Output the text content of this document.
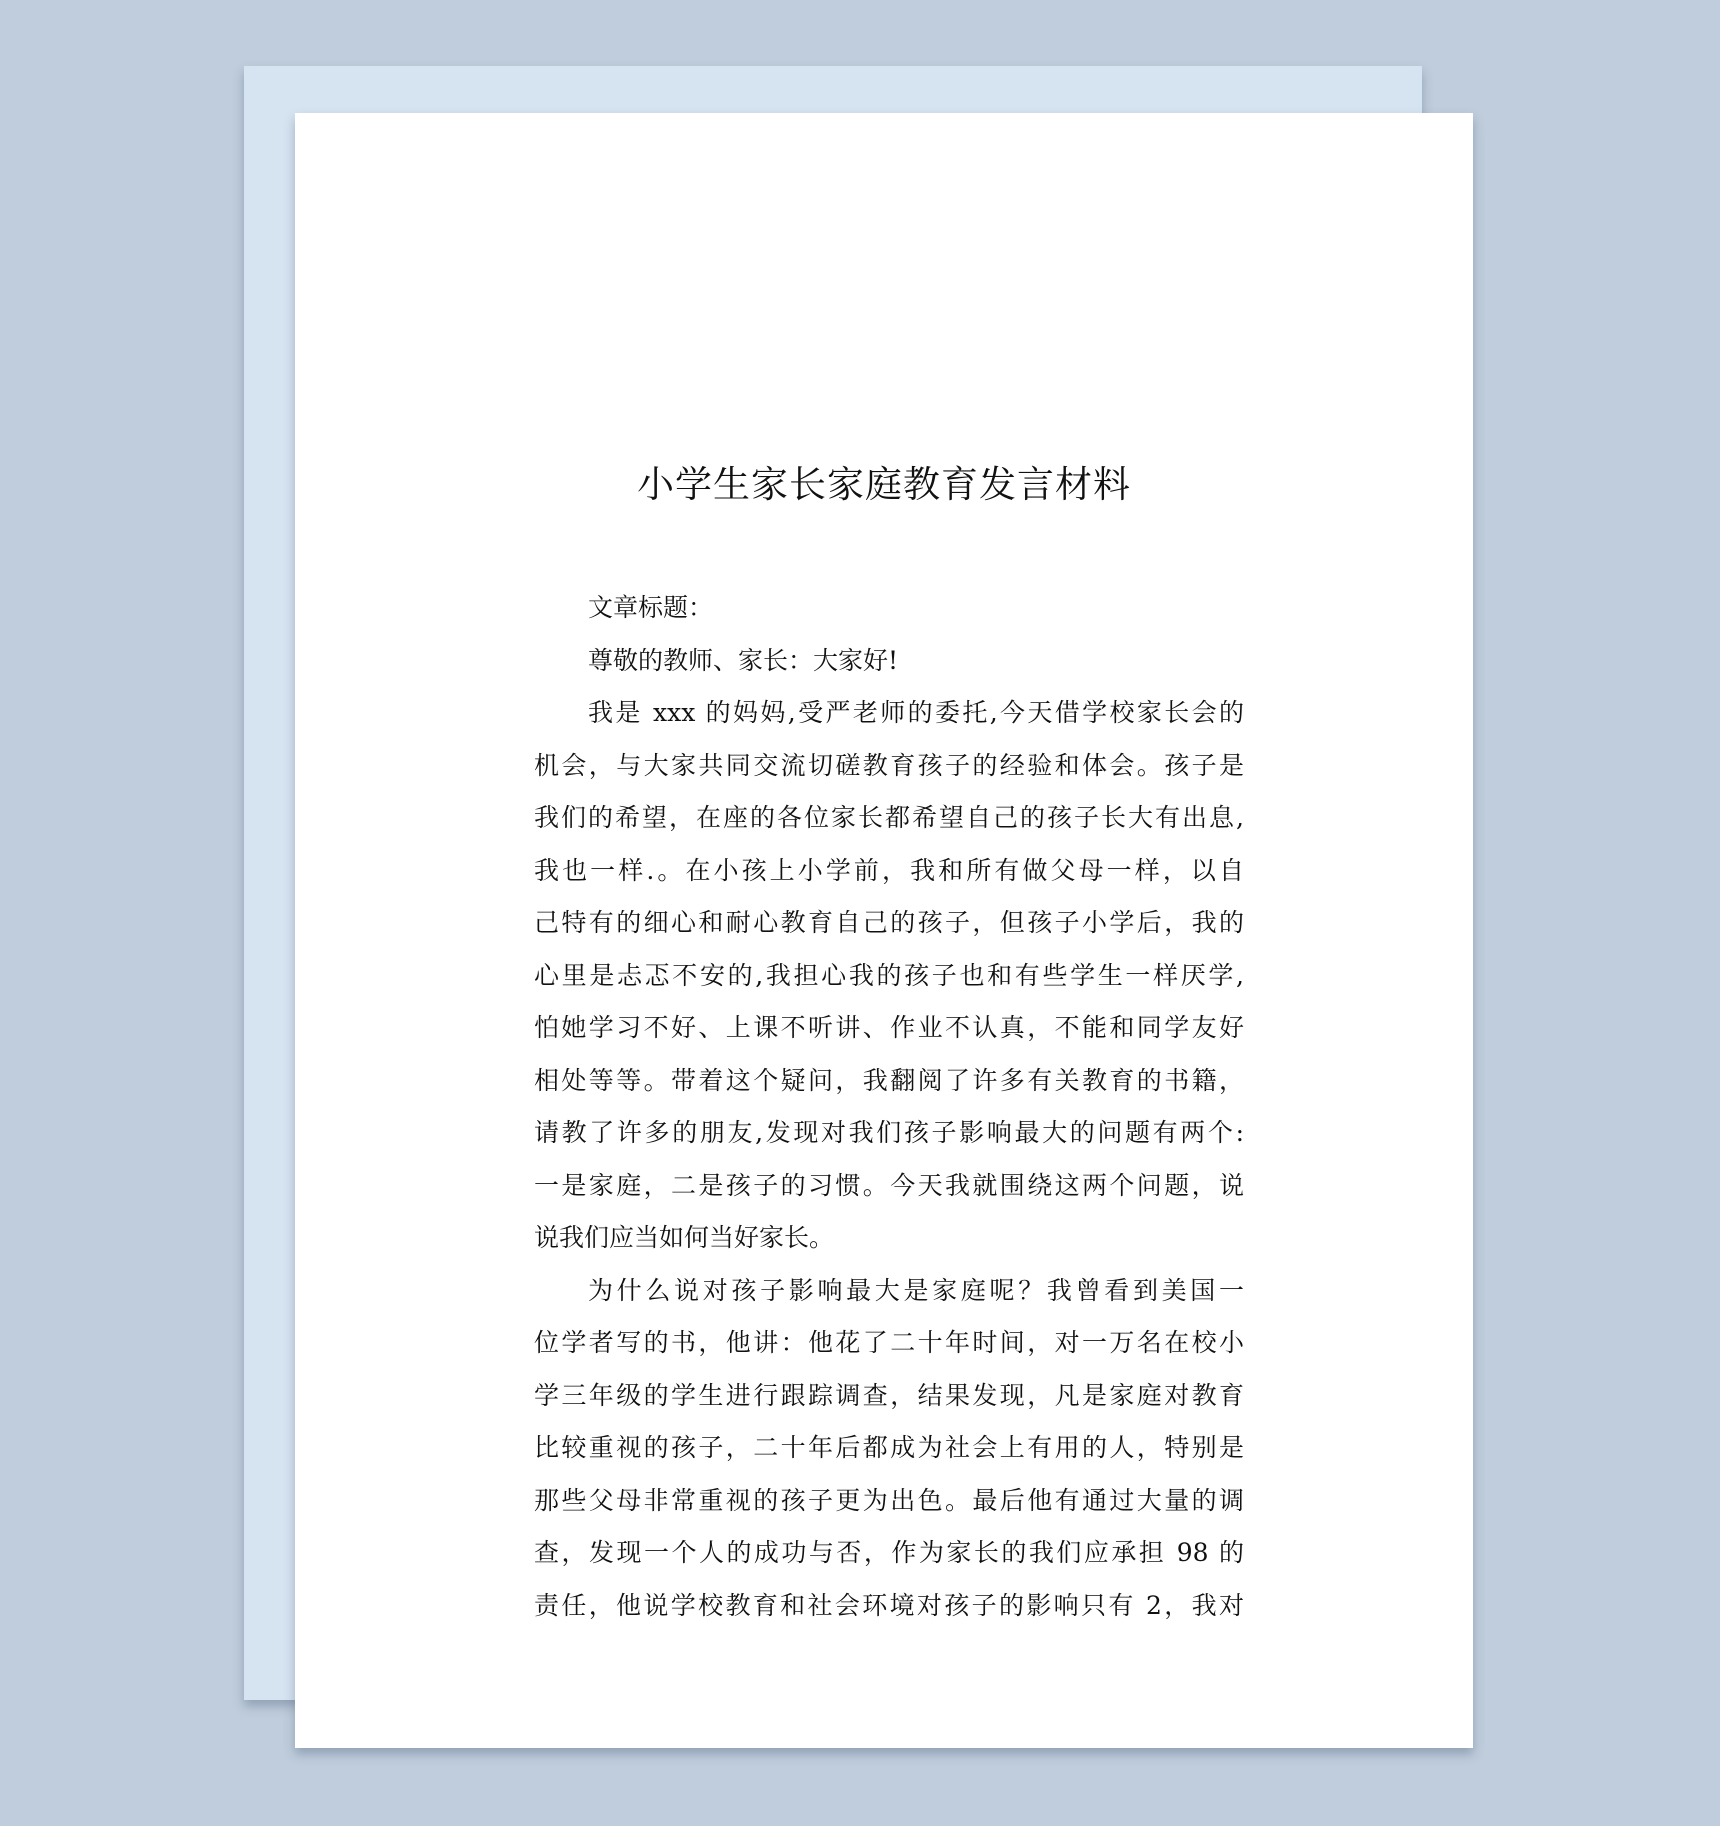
小学生家长家庭教育发言材料
文章标题：
尊敬的教师、家长：大家好!
我是 xxx 的妈妈,受严老师的委托,今天借学校家长会的
机会，与大家共同交流切磋教育孩子的经验和体会。孩子是
我们的希望，在座的各位家长都希望自己的孩子长大有出息,
我也一样.。在小孩上小学前，我和所有做父母一样，以自
己特有的细心和耐心教育自己的孩子，但孩子小学后，我的
心里是忐忑不安的,我担心我的孩子也和有些学生一样厌学,
怕她学习不好、上课不听讲、作业不认真，不能和同学友好
相处等等。带着这个疑问，我翻阅了许多有关教育的书籍，
请教了许多的朋友,发现对我们孩子影响最大的问题有两个:
一是家庭，二是孩子的习惯。今天我就围绕这两个问题，说
说我们应当如何当好家长。
为什么说对孩子影响最大是家庭呢？我曾看到美国一
位学者写的书，他讲：他花了二十年时间，对一万名在校小
学三年级的学生进行跟踪调查，结果发现，凡是家庭对教育
比较重视的孩子，二十年后都成为社会上有用的人，特别是
那些父母非常重视的孩子更为出色。最后他有通过大量的调
查，发现一个人的成功与否，作为家长的我们应承担 98 的
责任，他说学校教育和社会环境对孩子的影响只有 2，我对
